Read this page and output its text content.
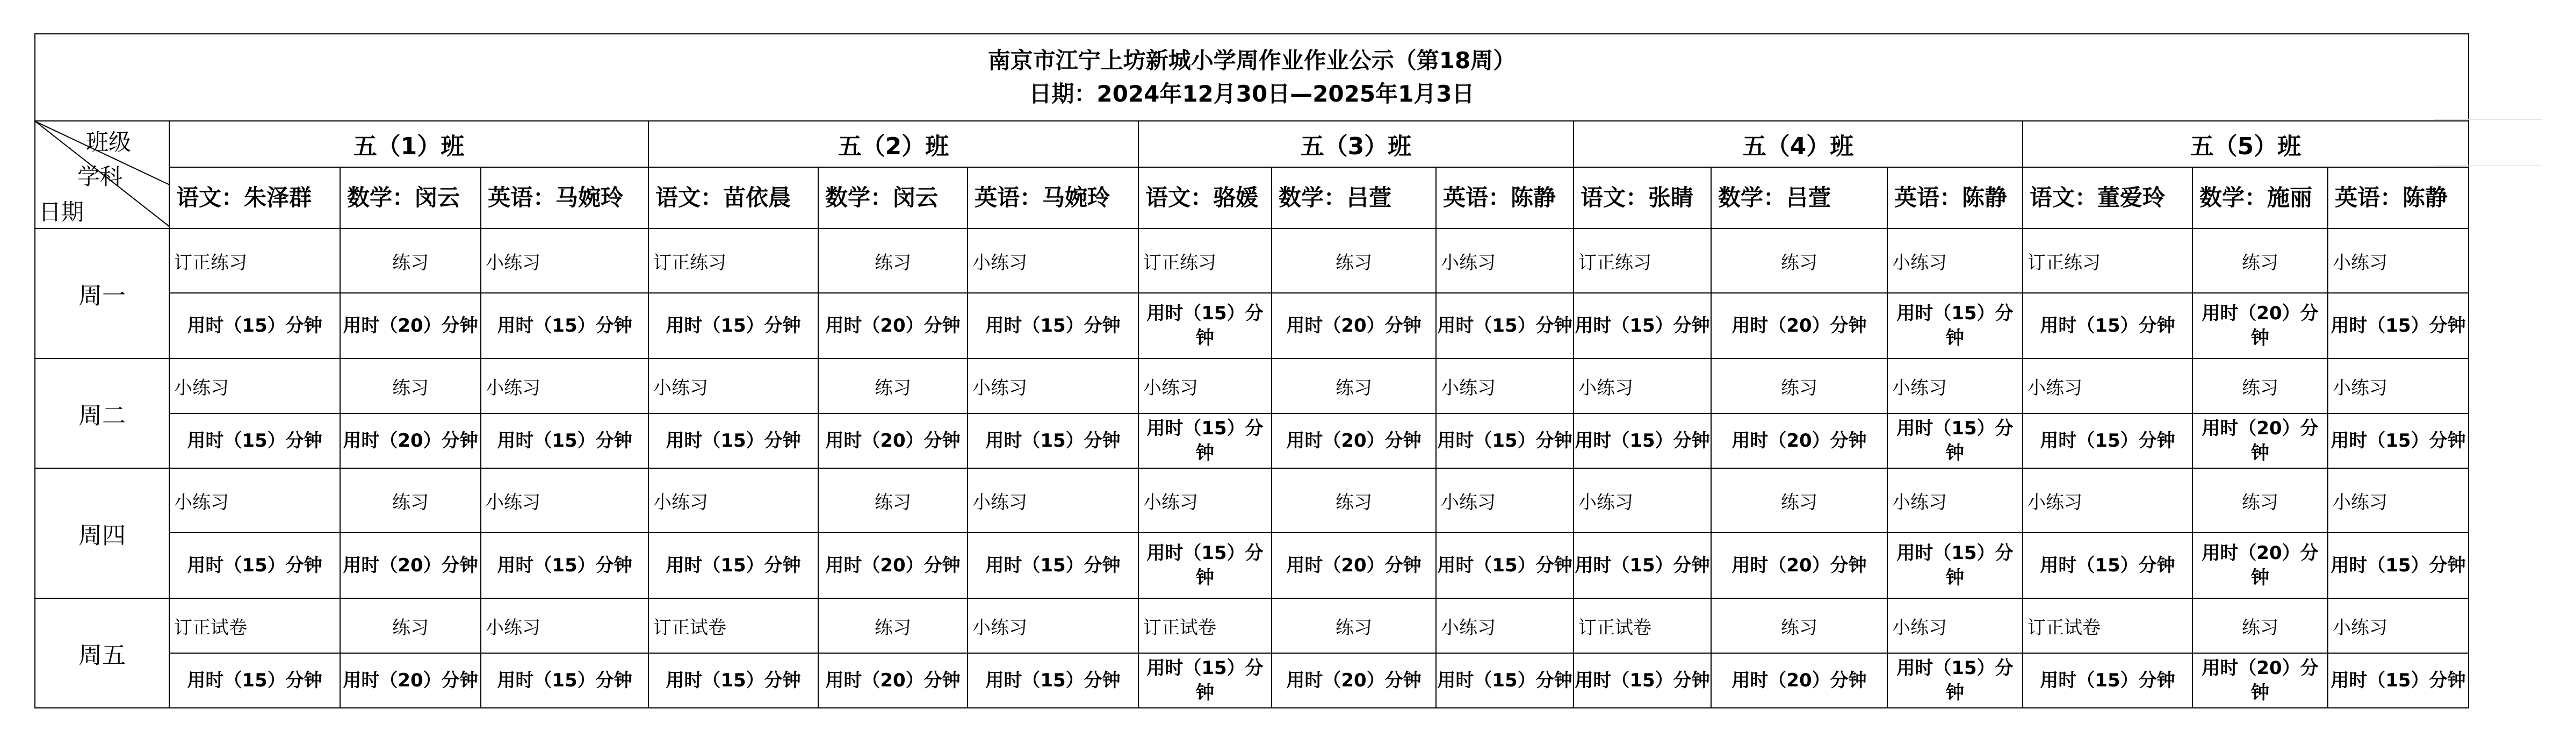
南京市江宁上坊新城小学周作业作业公示（第18周）
日期：2024年12月30日—2025年1月3日															

班级
学科
日期	五（1）班			五（2）班			五（3）班			五（4）班			五（5）班		
	语文：朱泽群	数学：闵云	英语：马婉玲	语文：苗依晨	数学：闵云	英语：马婉玲	语文：骆媛	数学：吕萱	英语：陈静	语文：张睛	数学：吕萱	英语：陈静	语文：董爱玲	数学：施丽	英语：陈静
周一	订正练习	练习	小练习	订正练习	练习	小练习	订正练习	练习	小练习	订正练习	练习	小练习	订正练习	练习	小练习
	用时（15）分钟	用时（20）分钟	用时（15）分钟	用时（15）分钟	用时（20）分钟	用时（15）分钟	用时（15）分钟	用时（20）分钟	用时（15）分钟	用时（15）分钟	用时（20）分钟	用时（15）分钟	用时（15）分钟	用时（20）分钟	用时（15）分钟
周二	小练习	练习	小练习	小练习	练习	小练习	小练习	练习	小练习	小练习	练习	小练习	小练习	练习	小练习
	用时（15）分钟	用时（20）分钟	用时（15）分钟	用时（15）分钟	用时（20）分钟	用时（15）分钟	用时（15）分钟	用时（20）分钟	用时（15）分钟	用时（15）分钟	用时（20）分钟	用时（15）分钟	用时（15）分钟	用时（20）分钟	用时（15）分钟
周四	小练习	练习	小练习	小练习	练习	小练习	小练习	练习	小练习	小练习	练习	小练习	小练习	练习	小练习
	用时（15）分钟	用时（20）分钟	用时（15）分钟	用时（15）分钟	用时（20）分钟	用时（15）分钟	用时（15）分钟	用时（20）分钟	用时（15）分钟	用时（15）分钟	用时（20）分钟	用时（15）分钟	用时（15）分钟	用时（20）分钟	用时（15）分钟
周五	订正试卷	练习	小练习	订正试卷	练习	小练习	订正试卷	练习	小练习	订正试卷	练习	小练习	订正试卷	练习	小练习
	用时（15）分钟	用时（20）分钟	用时（15）分钟	用时（15）分钟	用时（20）分钟	用时（15）分钟	用时（15）分钟	用时（20）分钟	用时（15）分钟	用时（15）分钟	用时（20）分钟	用时（15）分钟	用时（15）分钟	用时（20）分钟	用时（15）分钟
